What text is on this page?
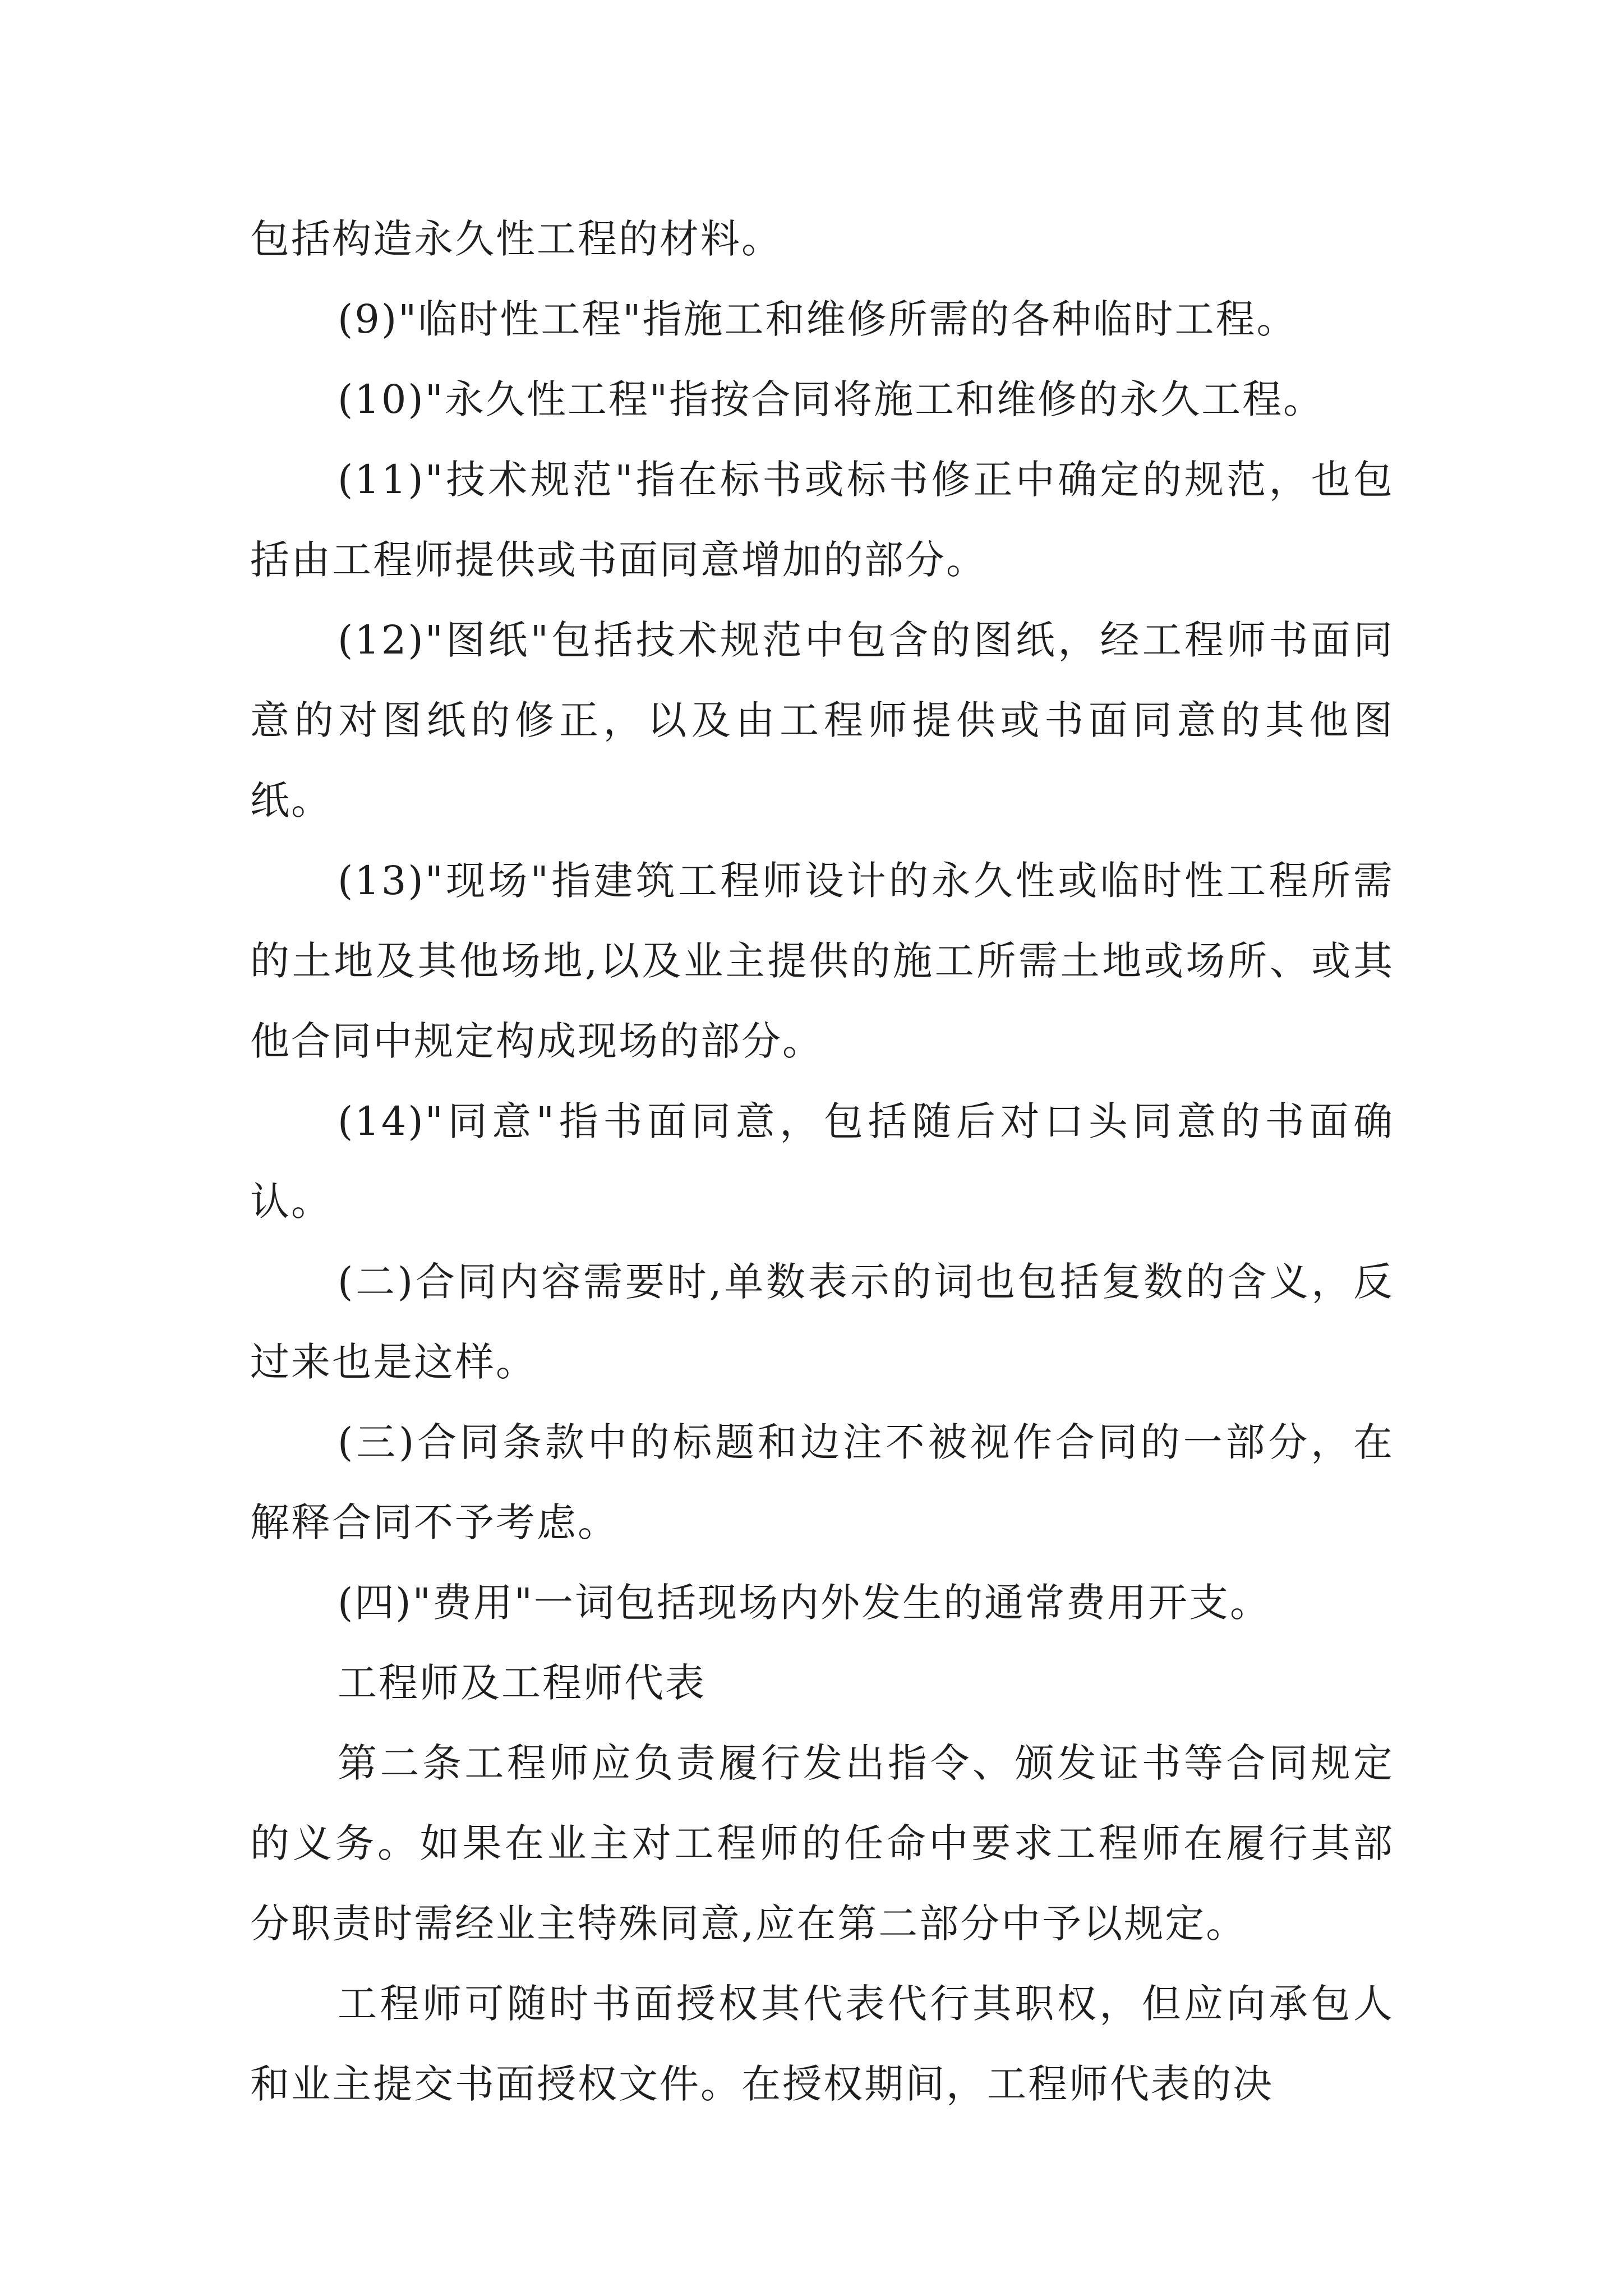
包括构造永久性工程的材料。

(9)"临时性工程"指施工和维修所需的各种临时工程。

(10)"永久性工程"指按合同将施工和维修的永久工程。

(11)"技术规范"指在标书或标书修正中确定的规范，也包括由工程师提供或书面同意增加的部分。

(12)"图纸"包括技术规范中包含的图纸，经工程师书面同意的对图纸的修正，以及由工程师提供或书面同意的其他图纸。

(13)"现场"指建筑工程师设计的永久性或临时性工程所需的土地及其他场地,以及业主提供的施工所需土地或场所、或其他合同中规定构成现场的部分。

(14)"同意"指书面同意，包括随后对口头同意的书面确认。

(二)合同内容需要时,单数表示的词也包括复数的含义，反过来也是这样。

(三)合同条款中的标题和边注不被视作合同的一部分，在解释合同不予考虑。

(四)"费用"一词包括现场内外发生的通常费用开支。

工程师及工程师代表

第二条工程师应负责履行发出指令、颁发证书等合同规定的义务。如果在业主对工程师的任命中要求工程师在履行其部分职责时需经业主特殊同意,应在第二部分中予以规定。

工程师可随时书面授权其代表代行其职权，但应向承包人和业主提交书面授权文件。在授权期间，工程师代表的决
